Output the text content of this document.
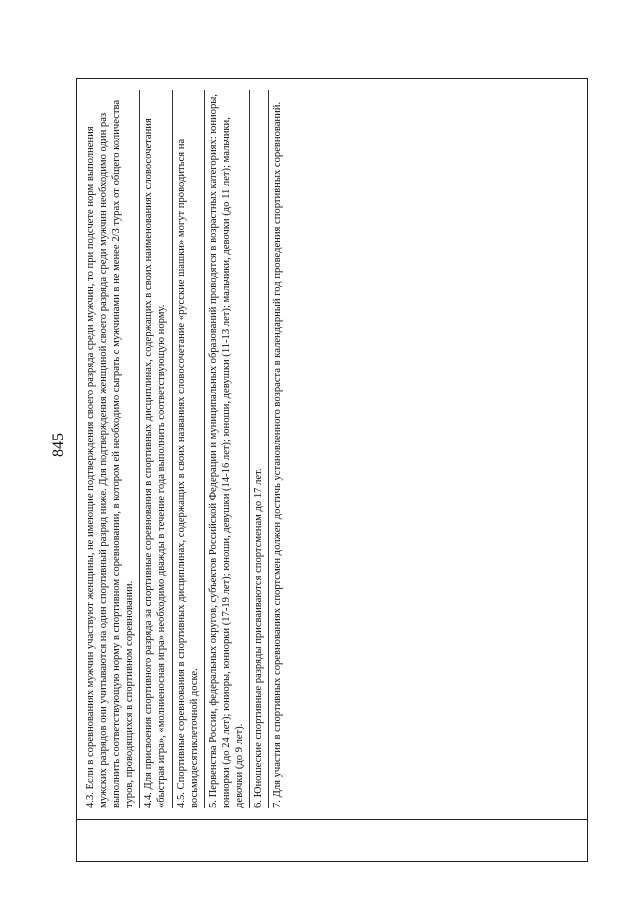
845	4.3. Если в соревнованиях мужчин участвуют женщины, не имеющие подтверждения своего разряда среди мужчин, то при подсчете норм выполнения мужских разрядов они учитываются на один спортивный разряд ниже. Для подтверждения женщиной своего разряда среди мужчин необходимо один раз выполнить соответствующую норму в спортивном соревновании, в котором ей необходимо сыграть с мужчинами в не менее 2/3 турах от общего количества туров, проводящихся в спортивном соревновании. 4.4. Для присвоения спортивного разряда за спортивные соревнования в спортивных дисциплинах, содержащих в своих наименованиях словосочетания «быстрая игра», «молниеносная игра» необходимо дважды в течение года выполнить соответствующую норму. 4.5. Спортивные соревнования в спортивных дисциплинах, содержащих в своих названиях словосочетание «русские шашки» могут проводиться на восьмидесятиклеточной доске. 5. Первенства России, федеральных округов, субъектов Российской Федерации и муниципальных образований проводятся в возрастных категориях: юниоры, юниорки (до 24 лет); юниоры, юниорки (17-19 лет); юноши, девушки (14-16 лет); юноши, девушки (11-13 лет); мальчики, девочки (до 11 лет); мальчики, девочки (до 9 лет). 6. Юношеские спортивные разряды присваиваются спортсменам до 17 лет. 7. Для участия в спортивных соревнованиях спортсмен должен достичь установленного возраста в календарный год проведения спортивных соревнований.
